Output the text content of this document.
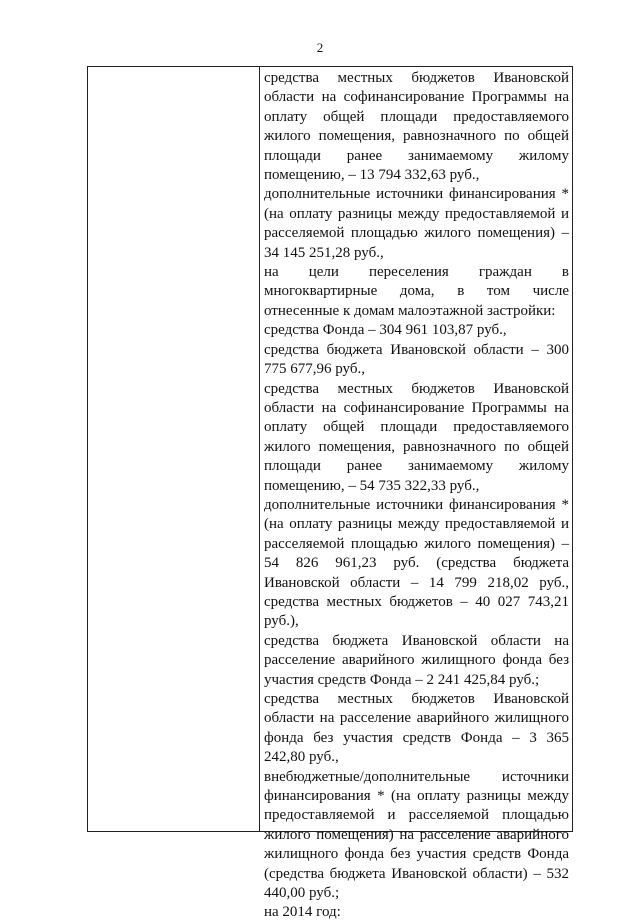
2

средства местных бюджетов Ивановской области на софинансирование Программы на оплату общей площади предоставляемого жилого помещения, равнозначного по общей площади ранее занимаемому жилому помещению, – 13 794 332,63 руб.,

дополнительные источники финансирования * (на оплату разницы между предоставляемой и расселяемой площадью жилого помещения) – 34 145 251,28 руб.,

на цели переселения граждан в многоквартирные дома, в том числе отнесенные к домам малоэтажной застройки:

средства Фонда – 304 961 103,87 руб.,

средства бюджета Ивановской области – 300 775 677,96 руб.,

средства местных бюджетов Ивановской области на софинансирование Программы на оплату общей площади предоставляемого жилого помещения, равнозначного по общей площади ранее занимаемому жилому помещению, – 54 735 322,33 руб.,

дополнительные источники финансирования * (на оплату разницы между предоставляемой и расселяемой площадью жилого помещения) – 54 826 961,23 руб. (средства бюджета Ивановской области – 14 799 218,02 руб., средства местных бюджетов – 40 027 743,21 руб.),

средства бюджета Ивановской области на расселение аварийного жилищного фонда без участия средств Фонда – 2 241 425,84 руб.;

средства местных бюджетов Ивановской области на расселение аварийного жилищного фонда без участия средств Фонда – 3 365 242,80 руб.,

внебюджетные/дополнительные источники финансирования * (на оплату разницы между предоставляемой и расселяемой площадью жилого помещения) на расселение аварийного жилищного фонда без участия средств Фонда (средства бюджета Ивановской области) – 532 440,00 руб.;

на 2014 год:
